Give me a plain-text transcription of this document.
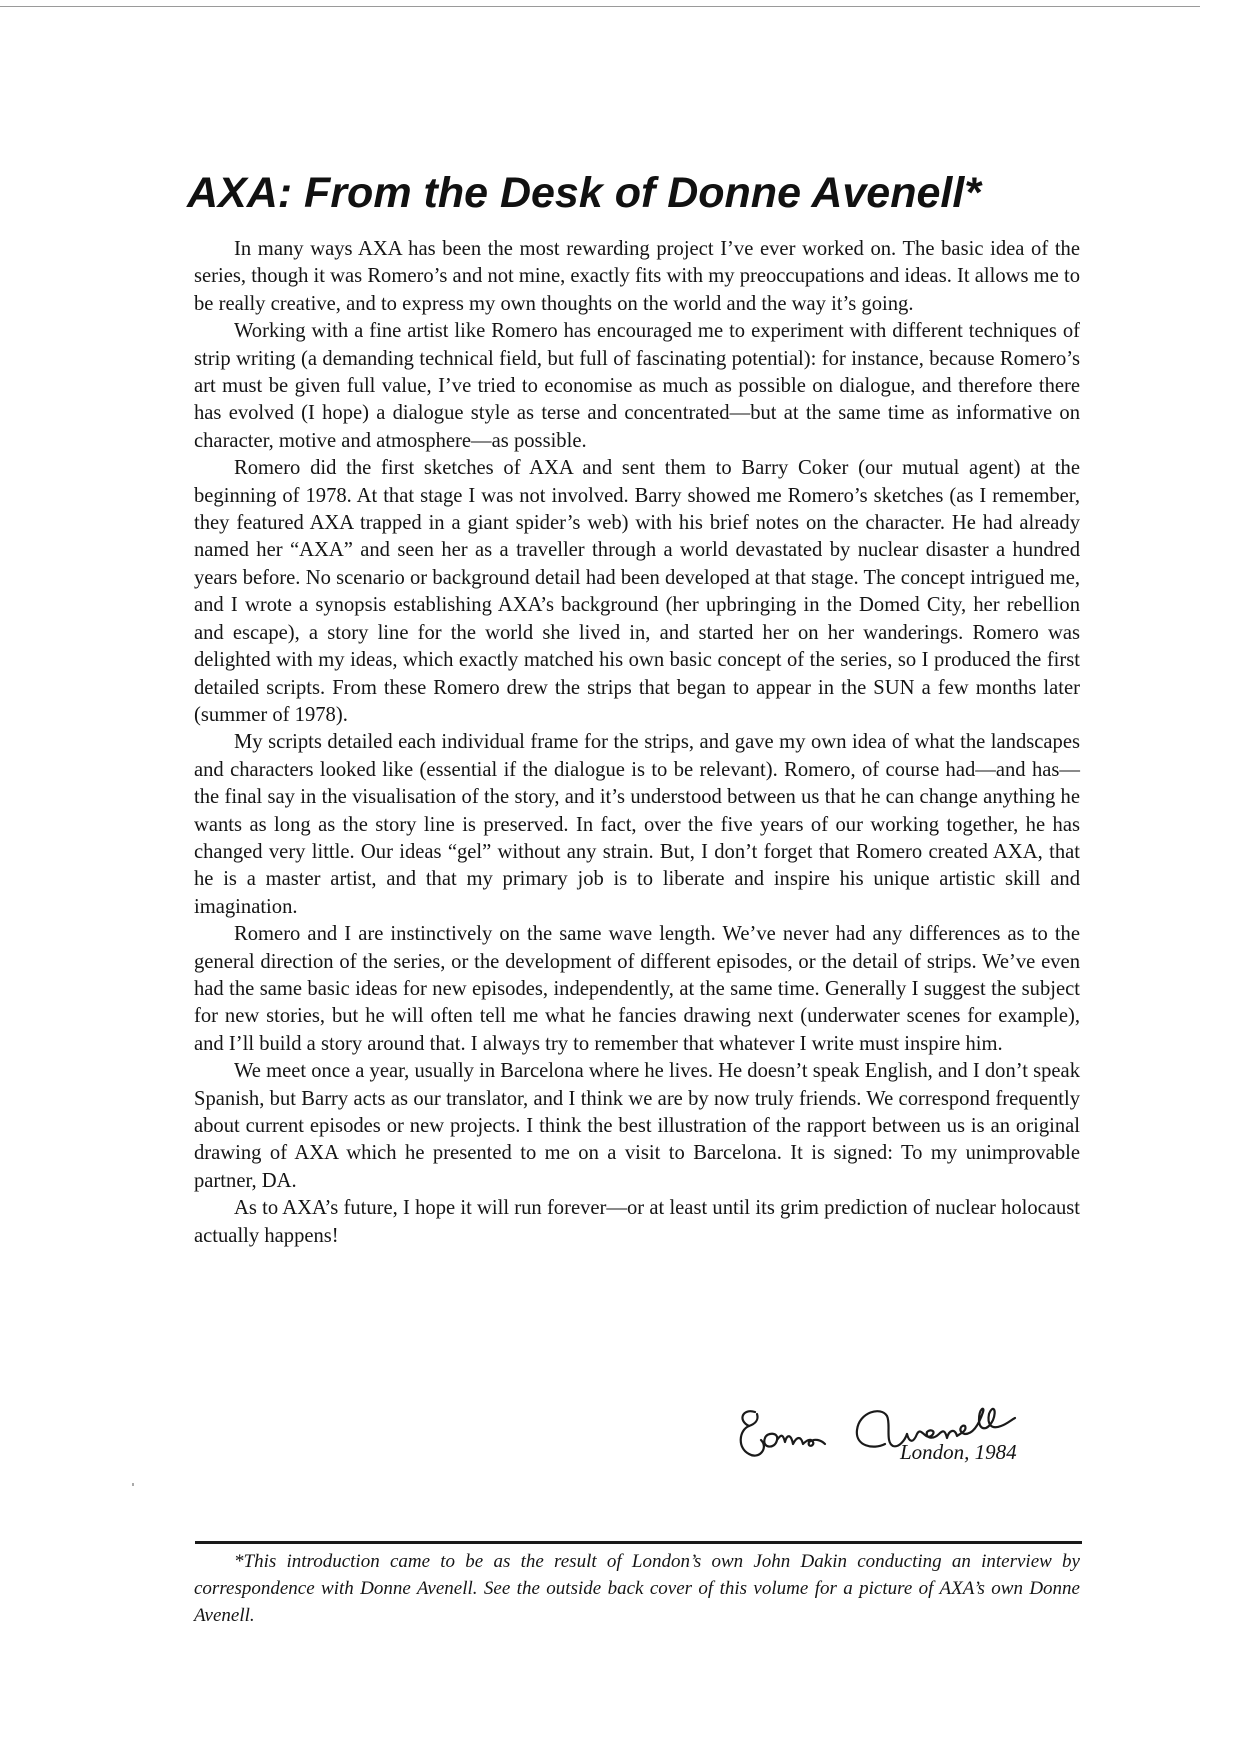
AXA: From the Desk of Donne Avenell*

In many ways AXA has been the most rewarding project I’ve ever worked on. The basic idea of the series, though it was Romero’s and not mine, exactly fits with my preoccupations and ideas. It allows me to be really creative, and to express my own thoughts on the world and the way it’s going.

Working with a fine artist like Romero has encouraged me to experiment with different techniques of strip writing (a demanding technical field, but full of fascinating potential): for instance, because Romero’s art must be given full value, I’ve tried to economise as much as possible on dialogue, and therefore there has evolved (I hope) a dialogue style as terse and concentrated—but at the same time as informative on character, motive and atmosphere—as possible.

Romero did the first sketches of AXA and sent them to Barry Coker (our mutual agent) at the beginning of 1978. At that stage I was not involved. Barry showed me Romero’s sketches (as I remember, they featured AXA trapped in a giant spider’s web) with his brief notes on the character. He had already named her “AXA” and seen her as a traveller through a world devastated by nuclear disaster a hundred years before. No scenario or background detail had been developed at that stage. The concept intrigued me, and I wrote a synopsis establishing AXA’s background (her upbringing in the Domed City, her rebellion and escape), a story line for the world she lived in, and started her on her wanderings. Romero was delighted with my ideas, which exactly matched his own basic concept of the series, so I produced the first detailed scripts. From these Romero drew the strips that began to appear in the SUN a few months later (summer of 1978).

My scripts detailed each individual frame for the strips, and gave my own idea of what the landscapes and characters looked like (essential if the dialogue is to be relevant). Romero, of course had—and has—the final say in the visualisation of the story, and it’s understood between us that he can change anything he wants as long as the story line is preserved. In fact, over the five years of our working together, he has changed very little. Our ideas “gel” without any strain. But, I don’t forget that Romero created AXA, that he is a master artist, and that my primary job is to liberate and inspire his unique artistic skill and imagination.

Romero and I are instinctively on the same wave length. We’ve never had any differences as to the general direction of the series, or the development of different episodes, or the detail of strips. We’ve even had the same basic ideas for new episodes, independently, at the same time. Generally I suggest the subject for new stories, but he will often tell me what he fancies drawing next (underwater scenes for example), and I’ll build a story around that. I always try to remember that whatever I write must inspire him.

We meet once a year, usually in Barcelona where he lives. He doesn’t speak English, and I don’t speak Spanish, but Barry acts as our translator, and I think we are by now truly friends. We correspond frequently about current episodes or new projects. I think the best illustration of the rapport between us is an original drawing of AXA which he presented to me on a visit to Barcelona. It is signed: To my unimprovable partner, DA.

As to AXA’s future, I hope it will run forever—or at least until its grim prediction of nuclear holocaust actually happens!

London, 1984

*This introduction came to be as the result of London’s own John Dakin conducting an interview by correspondence with Donne Avenell. See the outside back cover of this volume for a picture of AXA’s own Donne Avenell.
